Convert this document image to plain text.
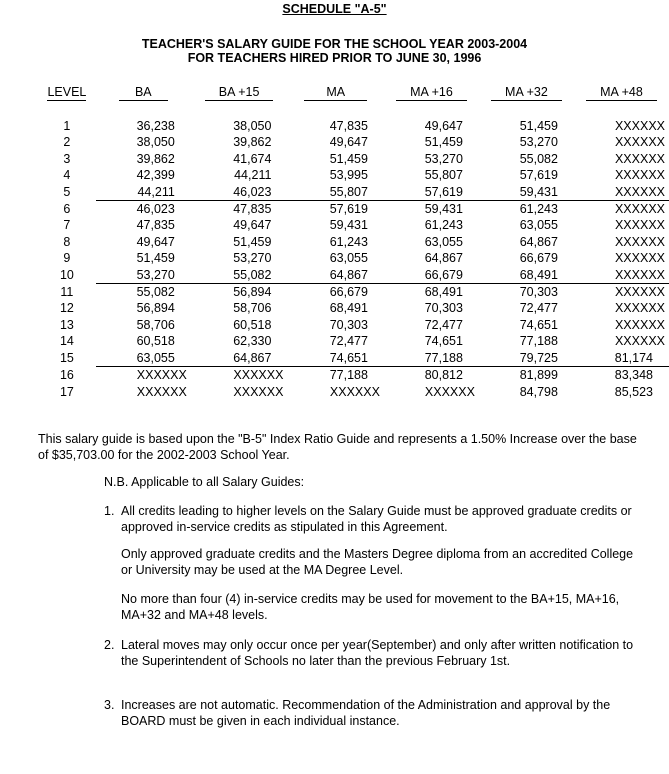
SCHEDULE "A-5"
TEACHER'S SALARY GUIDE FOR THE SCHOOL YEAR 2003-2004
FOR TEACHERS HIRED PRIOR TO JUNE 30, 1996
LEVEL	BA	BA +15	MA	MA +16	MA +32	MA +48

1	36,238	38,050	47,835	49,647	51,459	XXXXXX
2	38,050	39,862	49,647	51,459	53,270	XXXXXX
3	39,862	41,674	51,459	53,270	55,082	XXXXXX
4	42,399	44,211	53,995	55,807	57,619	XXXXXX
5	44,211	46,023	55,807	57,619	59,431	XXXXXX
6	46,023	47,835	57,619	59,431	61,243	XXXXXX
7	47,835	49,647	59,431	61,243	63,055	XXXXXX
8	49,647	51,459	61,243	63,055	64,867	XXXXXX
9	51,459	53,270	63,055	64,867	66,679	XXXXXX
10	53,270	55,082	64,867	66,679	68,491	XXXXXX
11	55,082	56,894	66,679	68,491	70,303	XXXXXX
12	56,894	58,706	68,491	70,303	72,477	XXXXXX
13	58,706	60,518	70,303	72,477	74,651	XXXXXX
14	60,518	62,330	72,477	74,651	77,188	XXXXXX
15	63,055	64,867	74,651	77,188	79,725	81,174
16	XXXXXX	XXXXXX	77,188	80,812	81,899	83,348
17	XXXXXX	XXXXXX	XXXXXX	XXXXXX	84,798	85,523
This salary guide is based upon the "B-5" Index Ratio Guide and represents a 1.50% Increase over the base of $35,703.00 for the 2002-2003 School Year.
N.B. Applicable to all Salary Guides:
1. All credits leading to higher levels on the Salary Guide must be approved graduate credits or approved in-service credits as stipulated in this Agreement.
Only approved graduate credits and the Masters Degree diploma from an accredited College or University may be used at the MA Degree Level.
No more than four (4) in-service credits may be used for movement to the BA+15, MA+16, MA+32 and MA+48 levels.
2. Lateral moves may only occur once per year(September) and only after written notification to the Superintendent of Schools no later than the previous February 1st.
3. Increases are not automatic. Recommendation of the Administration and approval by the BOARD must be given in each individual instance.
